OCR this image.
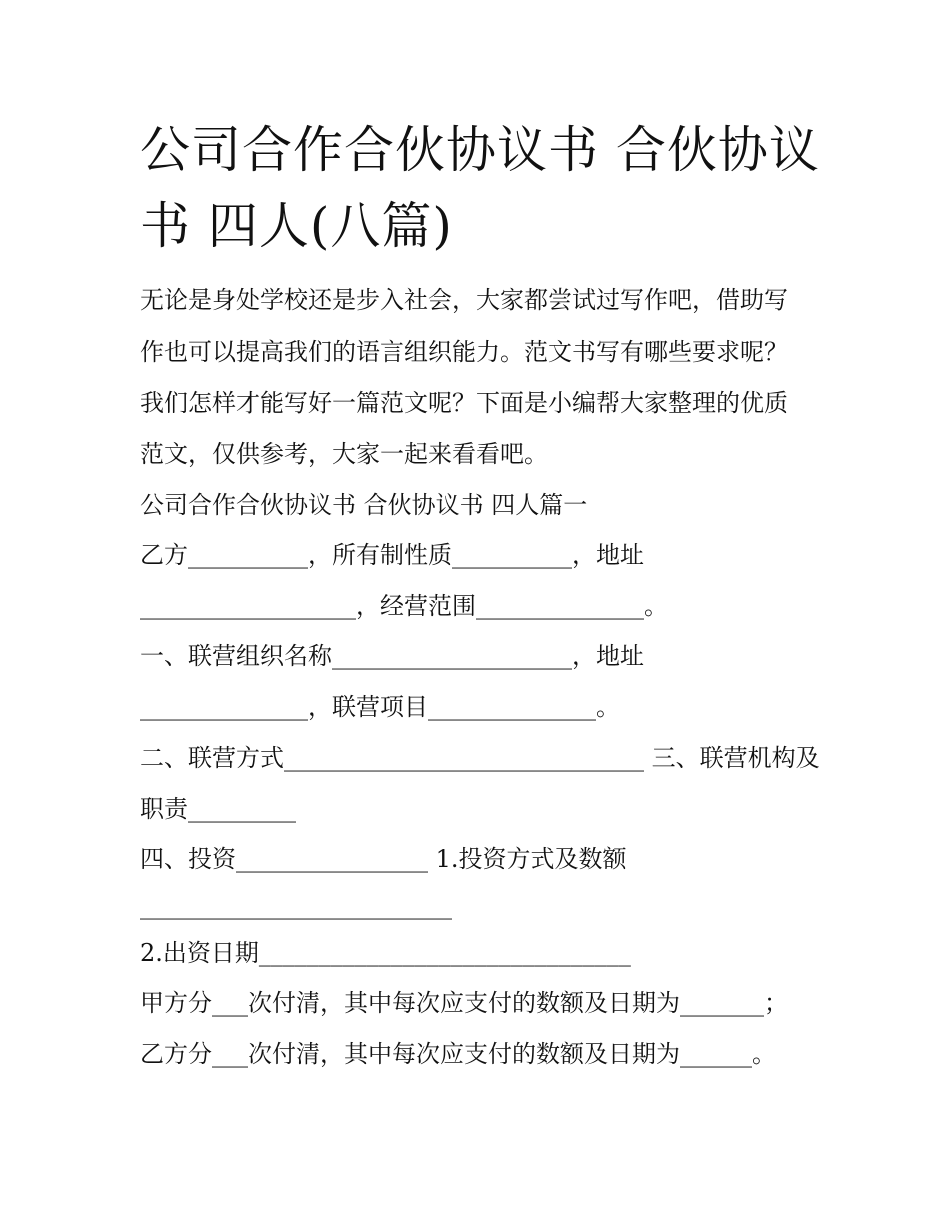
公司合作合伙协议书 合伙协议书 四人(八篇)

无论是身处学校还是步入社会，大家都尝试过写作吧，借助写

作也可以提高我们的语言组织能力。范文书写有哪些要求呢？

我们怎样才能写好一篇范文呢？下面是小编帮大家整理的优质

范文，仅供参考，大家一起来看看吧。

公司合作合伙协议书 合伙协议书 四人篇一

乙方__________，所有制性质__________，地址

__________________，经营范围______________。

一、联营组织名称____________________，地址

______________，联营项目______________。

二、联营方式______________________________ 三、联营机构及

职责_________

四、投资________________ 1.投资方式及数额

__________________________

2.出资日期_______________________________

甲方分___次付清，其中每次应支付的数额及日期为_______；

乙方分___次付清，其中每次应支付的数额及日期为______。
